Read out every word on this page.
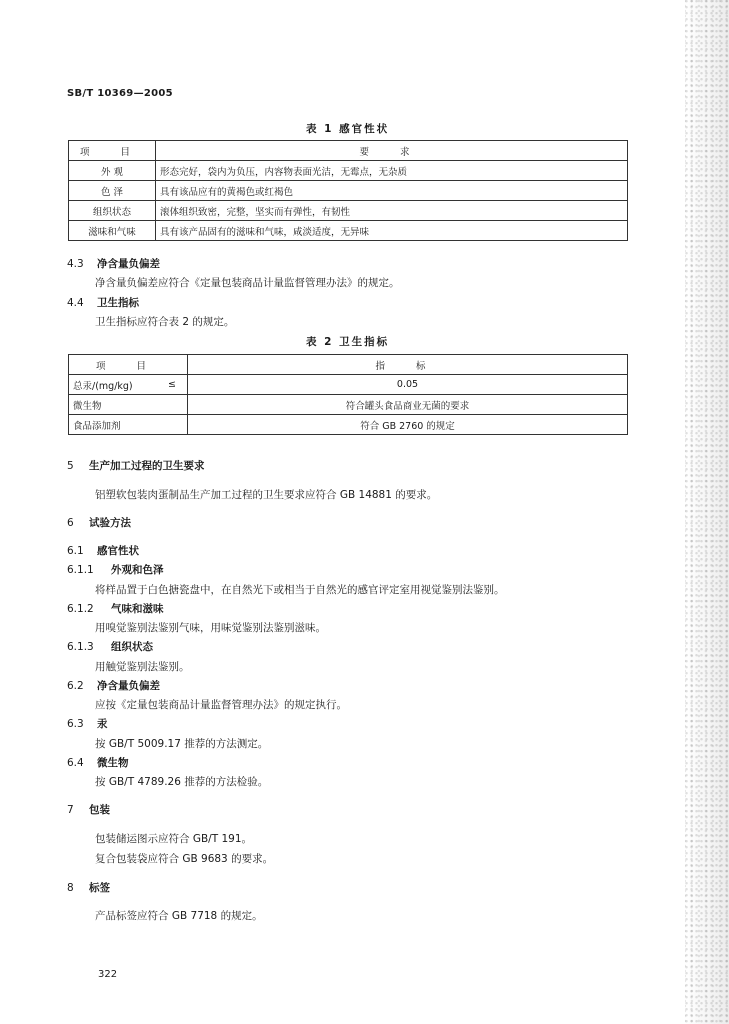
SB/T 10369—2005
表 1 感官性状
项 目	要 求
外 观	形态完好，袋内为负压，内容物表面光洁，无霉点，无杂质
色 泽	具有该品应有的黄褐色或红褐色
组织状态	滚体组织致密，完整，坚实而有弹性，有韧性
滋味和气味	具有该产品固有的滋味和气味，咸淡适度，无异味
4.3 净含量负偏差
净含量负偏差应符合《定量包装商品计量监督管理办法》的规定。
4.4 卫生指标
卫生指标应符合表 2 的规定。
表 2 卫生指标
项 目		指 标
总汞/(mg/kg)	≤	0.05
微生物		符合罐头食品商业无菌的要求
食品添加剂		符合 GB 2760 的规定
5 生产加工过程的卫生要求
铝塑软包装肉蛋制品生产加工过程的卫生要求应符合 GB 14881 的要求。
6 试验方法
6.1 感官性状
6.1.1 外观和色泽
将样品置于白色搪瓷盘中，在自然光下或相当于自然光的感官评定室用视觉鉴别法鉴别。
6.1.2 气味和滋味
用嗅觉鉴别法鉴别气味，用味觉鉴别法鉴别滋味。
6.1.3 组织状态
用触觉鉴别法鉴别。
6.2 净含量负偏差
应按《定量包装商品计量监督管理办法》的规定执行。
6.3 汞
按 GB/T 5009.17 推荐的方法测定。
6.4 微生物
按 GB/T 4789.26 推荐的方法检验。
7 包装
包装储运图示应符合 GB/T 191。
复合包装袋应符合 GB 9683 的要求。
8 标签
产品标签应符合 GB 7718 的规定。
322
